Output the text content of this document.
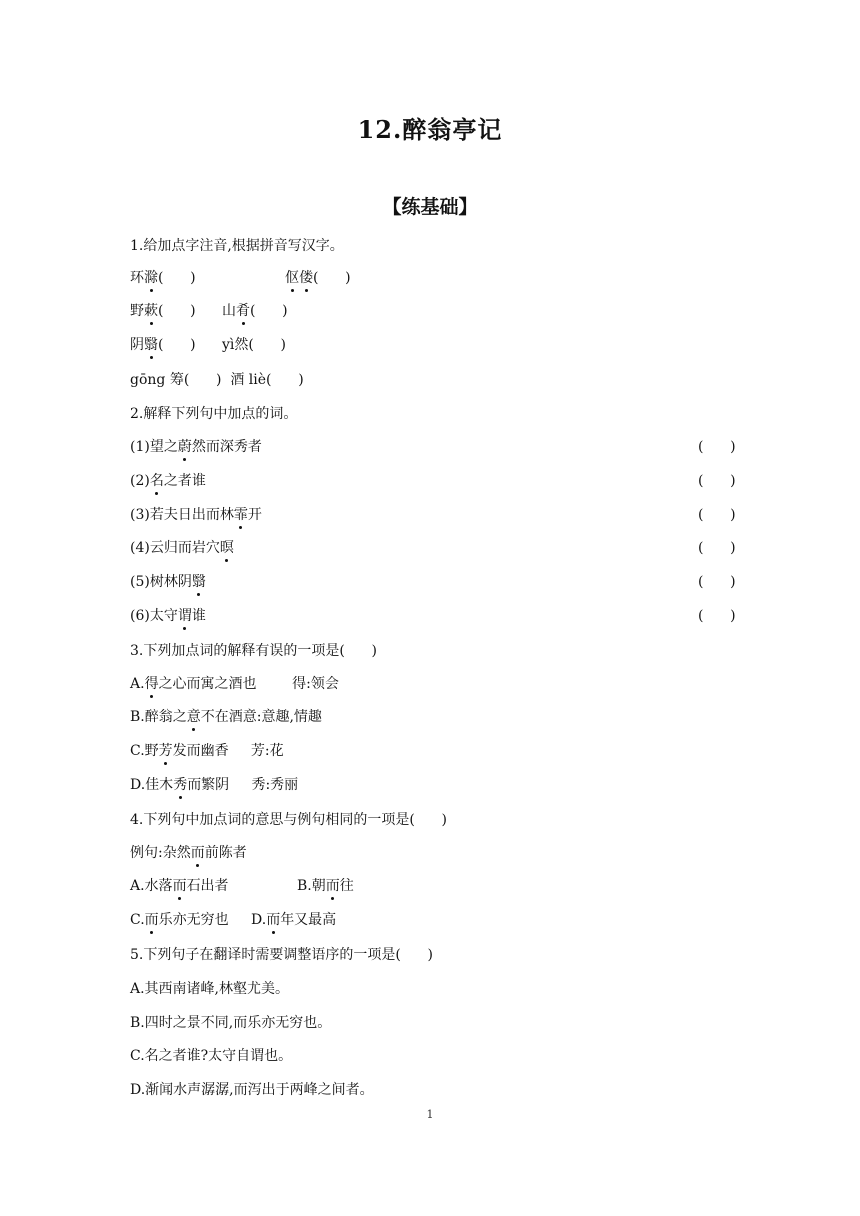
12.醉翁亭记
【练基础】
1.给加点字注音,根据拼音写汉字。
环滁(      )	伛偻(      )
野蔌(      ) 山肴(      )
阴翳(      ) yì然(      )
gōng 筹(      )  酒 liè(      )
2.解释下列句中加点的词。
(1)望之蔚然而深秀者	(      )
(2)名之者谁	(      )
(3)若夫日出而林霏开	(      )
(4)云归而岩穴暝	(      )
(5)树林阴翳	(      )
(6)太守谓谁	(      )
3.下列加点词的解释有误的一项是(      )
A.得之心而寓之酒也        得:领会
B.醉翁之意不在酒意:意趣,情趣
C.野芳发而幽香     芳:花
D.佳木秀而繁阴     秀:秀丽
4.下列句中加点词的意思与例句相同的一项是(      )
例句:杂然而前陈者
A.水落而石出者	B.朝而往
C.而乐亦无穷也 D.而年又最高
5.下列句子在翻译时需要调整语序的一项是(      )
A.其西南诸峰,林壑尤美。
B.四时之景不同,而乐亦无穷也。
C.名之者谁?太守自谓也。
D.渐闻水声潺潺,而泻出于两峰之间者。
1
